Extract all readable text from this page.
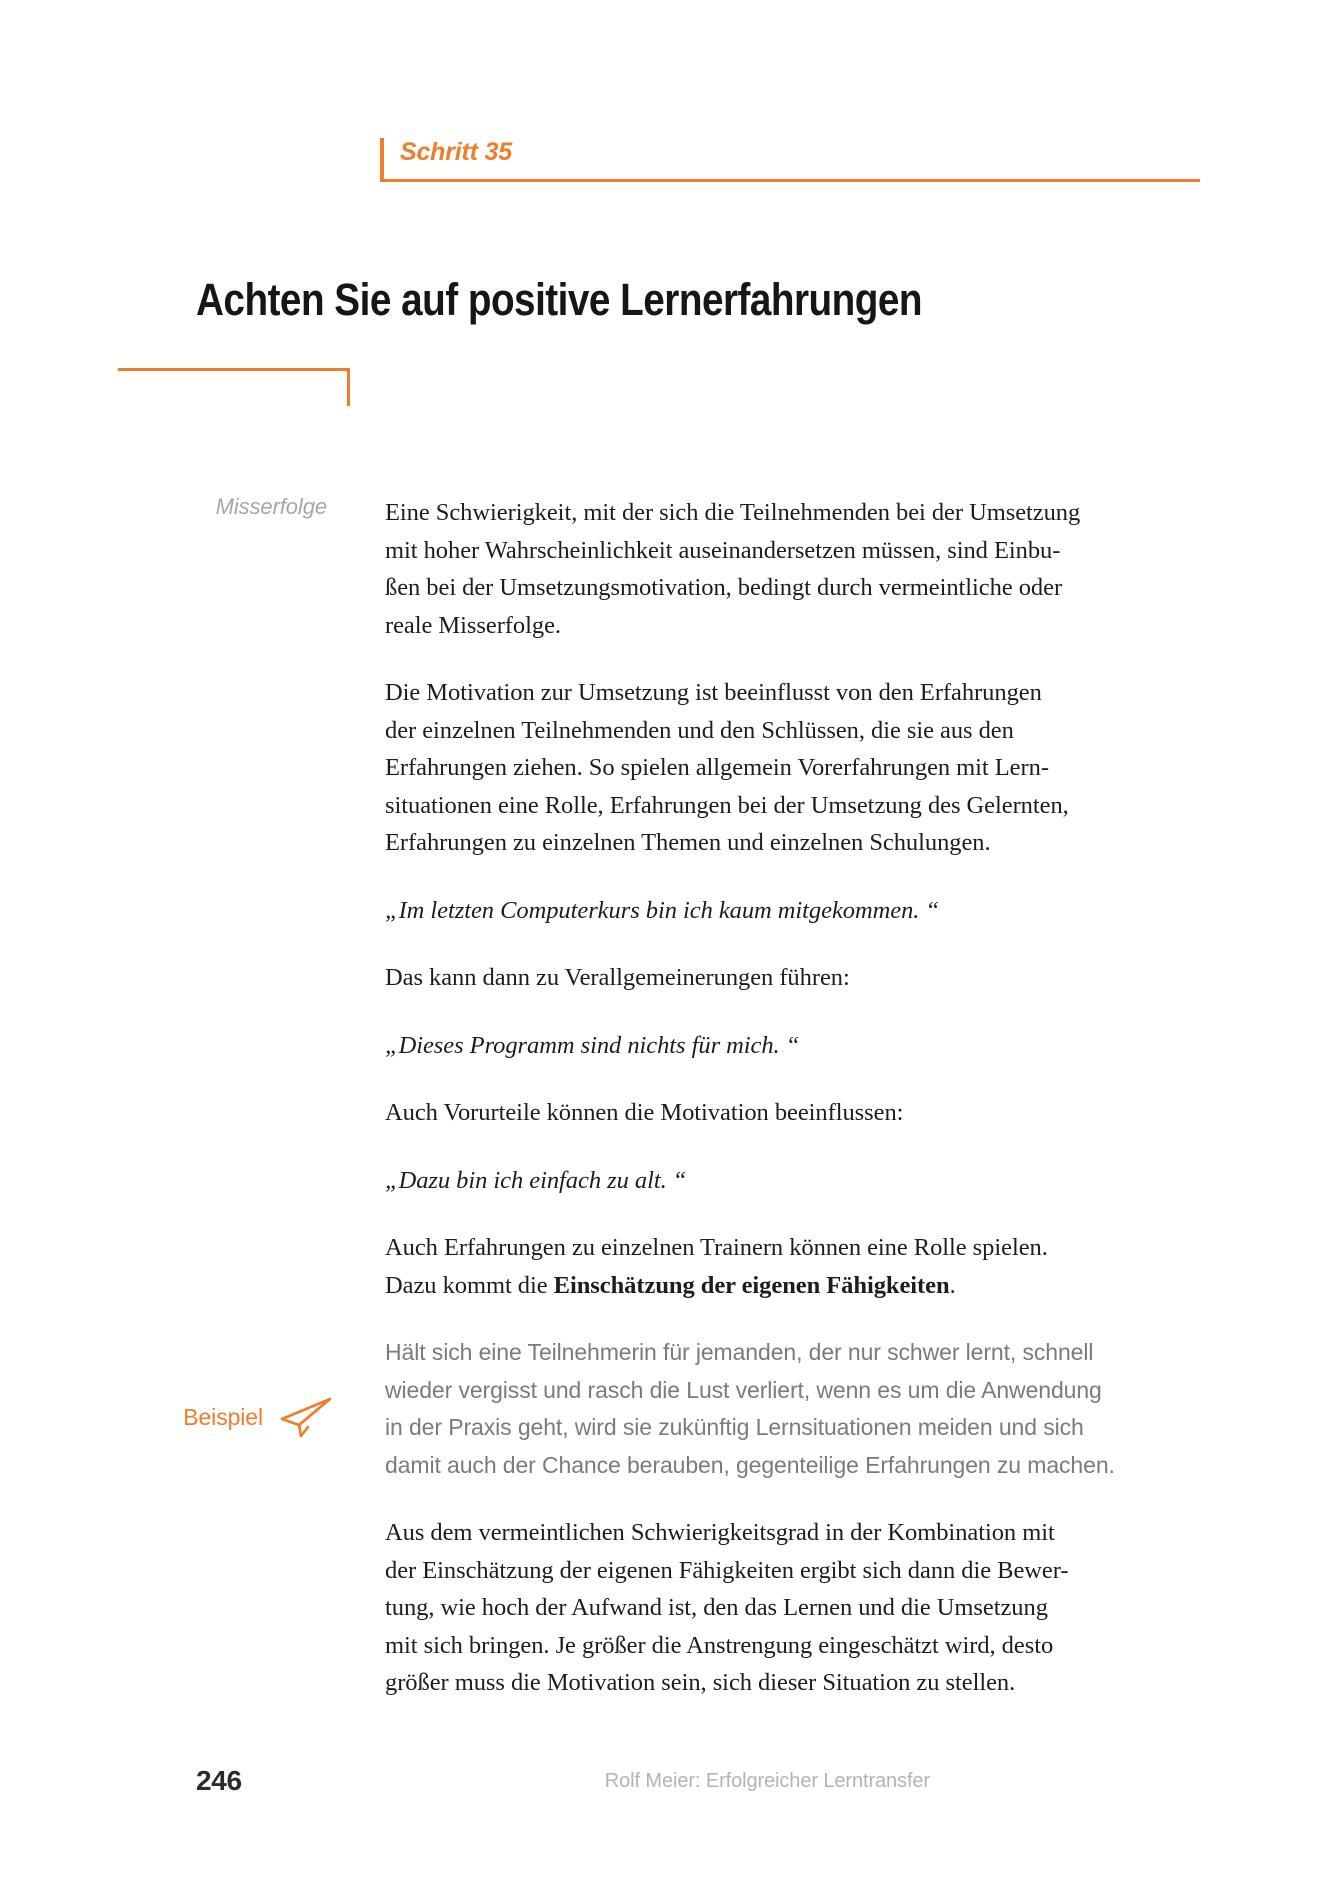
Schritt 35
Achten Sie auf positive Lernerfahrungen
Misserfolge
Beispiel

Eine Schwierigkeit, mit der sich die Teilnehmenden bei der Umsetzung
mit hoher Wahrscheinlichkeit auseinandersetzen müssen, sind Einbu-
ßen bei der Umsetzungsmotivation, bedingt durch vermeintliche oder
reale Misserfolge.

Die Motivation zur Umsetzung ist beeinflusst von den Erfahrungen
der einzelnen Teilnehmenden und den Schlüssen, die sie aus den
Erfahrungen ziehen. So spielen allgemein Vorerfahrungen mit Lern-
situationen eine Rolle, Erfahrungen bei der Umsetzung des Gelernten,
Erfahrungen zu einzelnen Themen und einzelnen Schulungen.

„Im letzten Computerkurs bin ich kaum mitgekommen. “

Das kann dann zu Verallgemeinerungen führen:

„Dieses Programm sind nichts für mich. “

Auch Vorurteile können die Motivation beeinflussen:

„Dazu bin ich einfach zu alt. “

Auch Erfahrungen zu einzelnen Trainern können eine Rolle spielen.
Dazu kommt die Einschätzung der eigenen Fähigkeiten.

Hält sich eine Teilnehmerin für jemanden, der nur schwer lernt, schnell
wieder vergisst und rasch die Lust verliert, wenn es um die Anwendung
in der Praxis geht, wird sie zukünftig Lernsituationen meiden und sich
damit auch der Chance berauben, gegenteilige Erfahrungen zu machen.

Aus dem vermeintlichen Schwierigkeitsgrad in der Kombination mit
der Einschätzung der eigenen Fähigkeiten ergibt sich dann die Bewer-
tung, wie hoch der Aufwand ist, den das Lernen und die Umsetzung
mit sich bringen. Je größer die Anstrengung eingeschätzt wird, desto
größer muss die Motivation sein, sich dieser Situation zu stellen.

246	Rolf Meier: Erfolgreicher Lerntransfer
